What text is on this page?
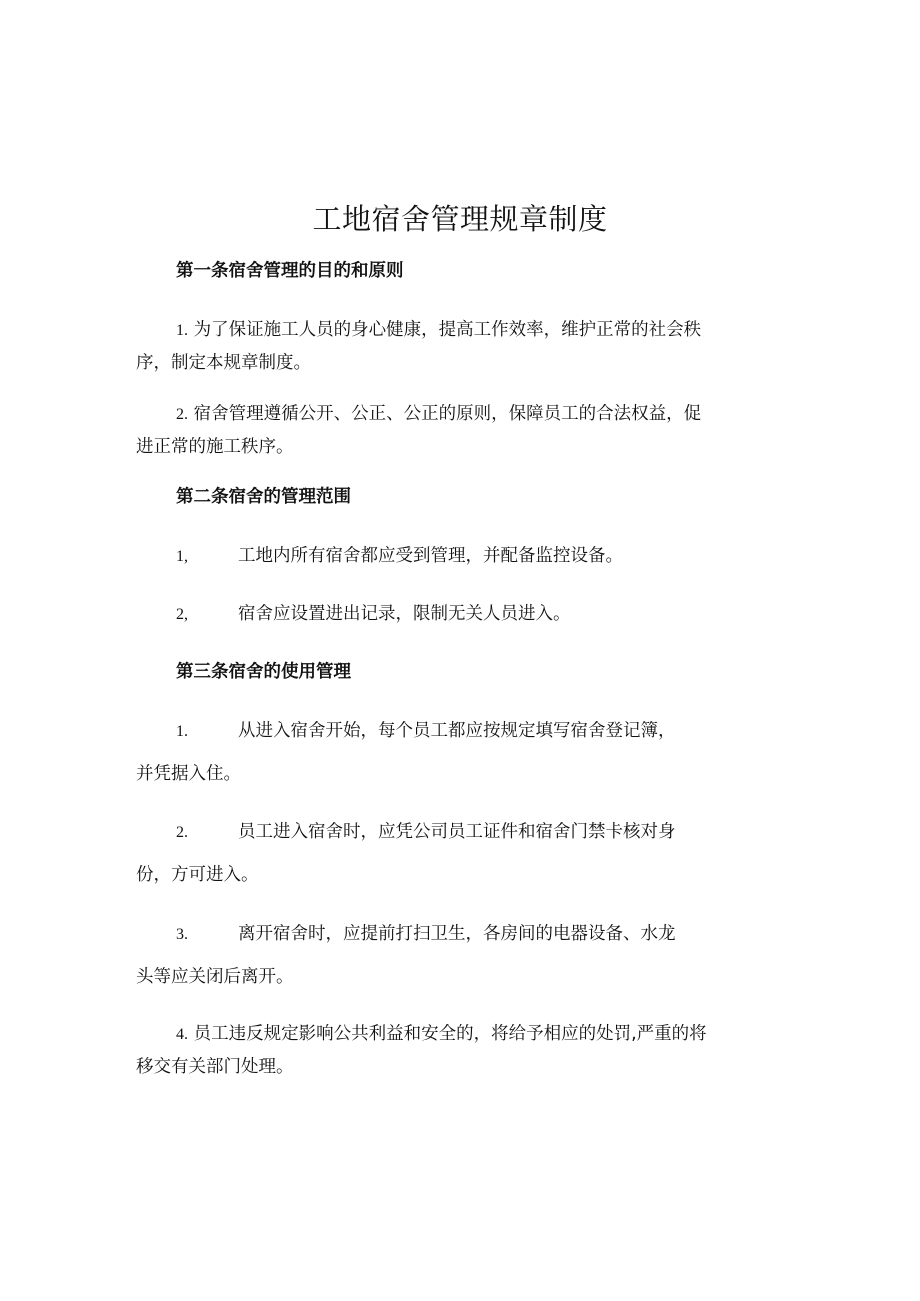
工地宿舍管理规章制度
第一条宿舍管理的目的和原则
1. 为了保证施工人员的身心健康，提高工作效率，维护正常的社会秩
序，制定本规章制度。
2. 宿舍管理遵循公开、公正、公正的原则，保障员工的合法权益，促
进正常的施工秩序。
第二条宿舍的管理范围
1,	工地内所有宿舍都应受到管理，并配备监控设备。
2,	宿舍应设置进出记录，限制无关人员进入。
第三条宿舍的使用管理
1.	从进入宿舍开始，每个员工都应按规定填写宿舍登记簿，
并凭据入住。
2.	员工进入宿舍时，应凭公司员工证件和宿舍门禁卡核对身
份，方可进入。
3.	离开宿舍时，应提前打扫卫生，各房间的电器设备、水龙
头等应关闭后离开。
4. 员工违反规定影响公共利益和安全的，将给予相应的处罚,严重的将
移交有关部门处理。
